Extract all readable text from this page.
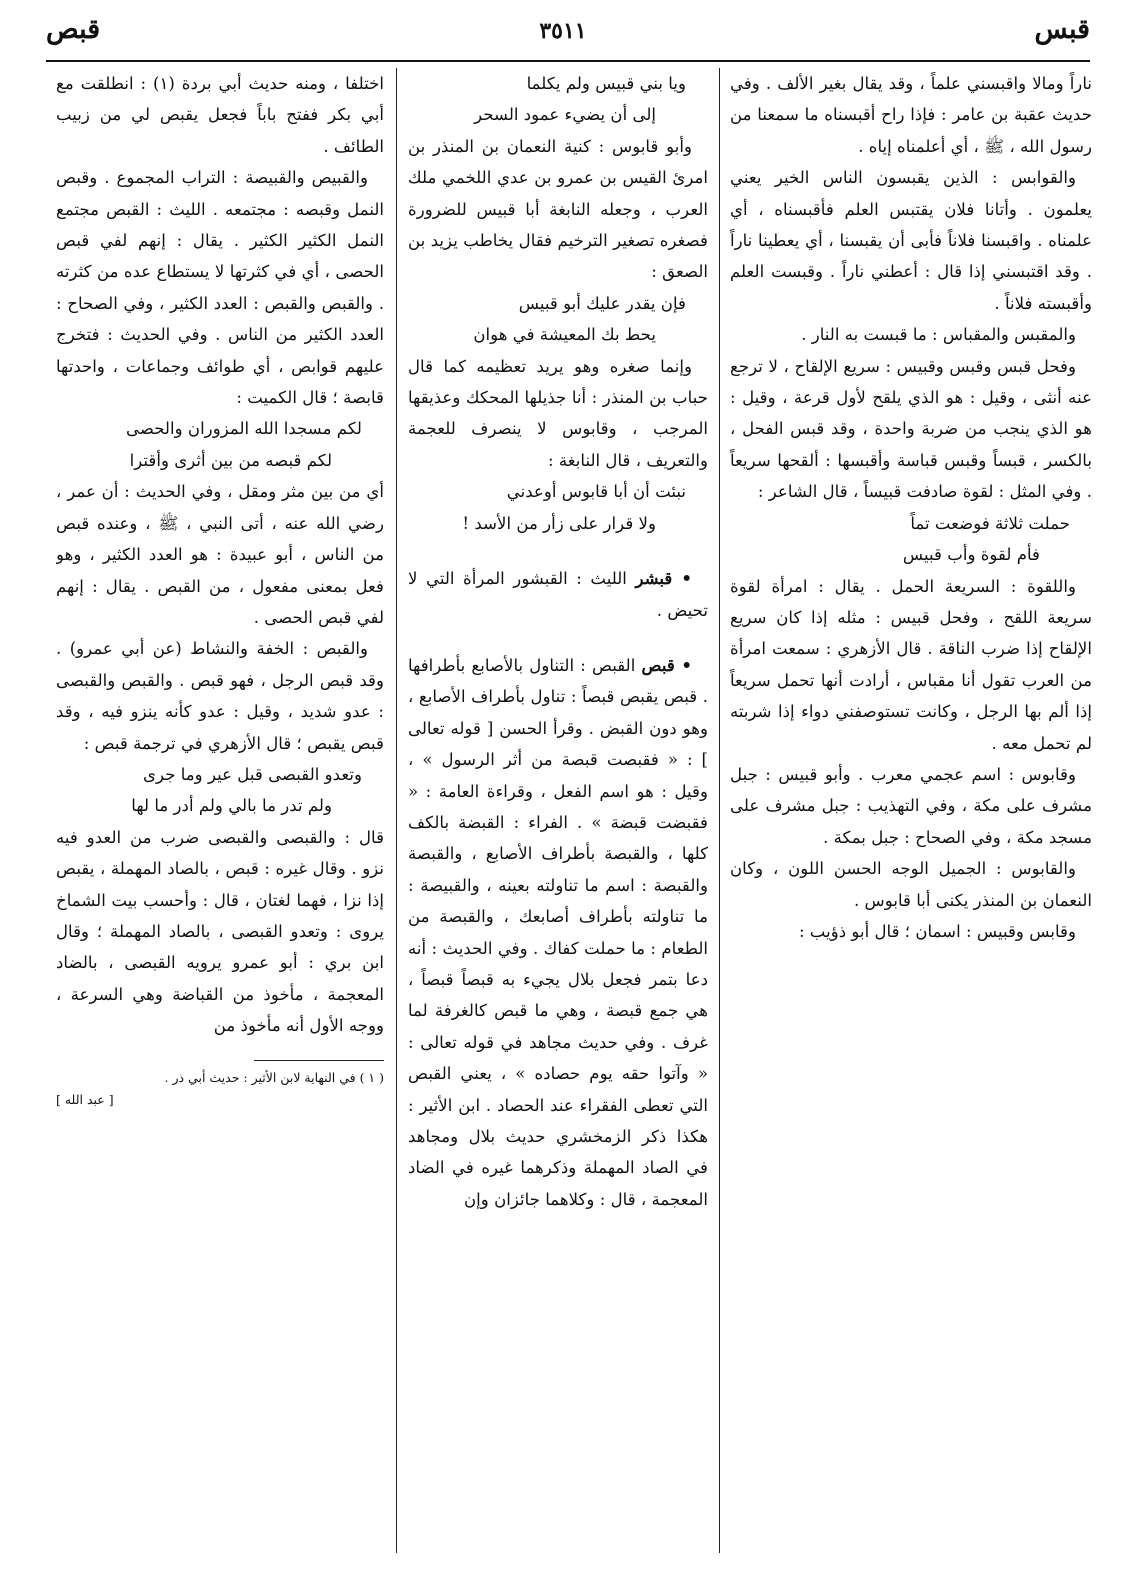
قبص	٣٥١١	قبس

ناراً ومالا واقبسني علماً ، وقد يقال بغير الألف . وفي حديث عقبة بن عامر : فإذا راح أقبسناه ما سمعنا من رسول الله ، ﷺ ، أي أعلمناه إياه .

والقوابس : الذين يقبسون الناس الخير يعني يعلمون . وأتانا فلان يقتبس العلم فأقبسناه ، أي علمناه . واقبسنا فلاناً فأبى أن يقبسنا ، أي يعطينا ناراً . وقد اقتبسني إذا قال : أعطني ناراً . وقبست العلم وأقبسته فلاناً .

والمقبس والمقباس : ما قبست به النار .

وفحل قبس وقبس وقبيس : سريع الإلقاح ، لا ترجع عنه أنثى ، وقيل : هو الذي يلقح لأول قرعة ، وقيل : هو الذي ينجب من ضربة واحدة ، وقد قبس الفحل ، بالكسر ، قبساً وقبس قباسة وأقبسها : ألقحها سريعاً . وفي المثل : لقوة صادفت قبيساً ، قال الشاعر :

حملت ثلاثة فوضعت تماً

فأم لقوة وأب قبيس

واللقوة : السريعة الحمل . يقال : امرأة لقوة سريعة اللقح ، وفحل قبيس : مثله إذا كان سريع الإلقاح إذا ضرب الناقة . قال الأزهري : سمعت امرأة من العرب تقول أنا مقباس ، أرادت أنها تحمل سريعاً إذا ألم بها الرجل ، وكانت تستوصفني دواء إذا شربته لم تحمل معه .

وقابوس : اسم عجمي معرب . وأبو قبيس : جبل مشرف على مكة ، وفي التهذيب : جبل مشرف على مسجد مكة ، وفي الصحاح : جبل بمكة .

والقابوس : الجميل الوجه الحسن اللون ، وكان النعمان بن المنذر يكنى أبا قابوس .

وقابس وقبيس : اسمان ؛ قال أبو ذؤيب :

ويا بني قبيس ولم يكلما

إلى أن يضيء عمود السحر

وأبو قابوس : كنية النعمان بن المنذر بن امرئ القيس بن عمرو بن عدي اللخمي ملك العرب ، وجعله النابغة أبا قبيس للضرورة فصغره تصغير الترخيم فقال يخاطب يزيد بن الصعق :

فإن يقدر عليك أبو قبيس

يحط بك المعيشة في هوان

وإنما صغره وهو يريد تعظيمه كما قال حباب بن المنذر : أنا جذيلها المحكك وعذيقها المرجب ، وقابوس لا ينصرف للعجمة والتعريف ، قال النابغة :

نبئت أن أبا قابوس أوعدني

ولا قرار على زأر من الأسد !

• قبشر الليث : القبشور المرأة التي لا تحيض .

• قبص القبص : التناول بالأصابع بأطرافها . قبص يقبص قبصاً : تناول بأطراف الأصابع ، وهو دون القبض . وقرأ الحسن [ قوله تعالى ] : « فقبصت قبصة من أثر الرسول » ، وقيل : هو اسم الفعل ، وقراءة العامة : « فقبضت قبضة » . الفراء : القبضة بالكف كلها ، والقبصة بأطراف الأصابع ، والقبصة والقبصة : اسم ما تناولته بعينه ، والقبيصة : ما تناولته بأطراف أصابعك ، والقبصة من الطعام : ما حملت كفاك . وفي الحديث : أنه دعا بتمر فجعل بلال يجيء به قبصاً قبصاً ، هي جمع قبصة ، وهي ما قبص كالغرفة لما غرف . وفي حديث مجاهد في قوله تعالى : « وآتوا حقه يوم حصاده » ، يعني القبص التي تعطى الفقراء عند الحصاد . ابن الأثير : هكذا ذكر الزمخشري حديث بلال ومجاهد في الصاد المهملة وذكرهما غيره في الضاد المعجمة ، قال : وكلاهما جائزان وإن

اختلفا ، ومنه حديث أبي بردة (١) : انطلقت مع أبي بكر ففتح باباً فجعل يقبص لي من زبيب الطائف .

والقبيص والقبيصة : التراب المجموع . وقبص النمل وقبصه : مجتمعه . الليث : القبص مجتمع النمل الكثير الكثير . يقال : إنهم لفي قبص الحصى ، أي في كثرتها لا يستطاع عده من كثرته . والقبص والقبص : العدد الكثير ، وفي الصحاح : العدد الكثير من الناس . وفي الحديث : فتخرج عليهم قوابص ، أي طوائف وجماعات ، واحدتها قابصة ؛ قال الكميت :

لكم مسجدا الله المزوران والحصى

لكم قبصه من بين أثرى وأقترا

أي من بين مثر ومقل ، وفي الحديث : أن عمر ، رضي الله عنه ، أتى النبي ، ﷺ ، وعنده قبص من الناس ، أبو عبيدة : هو العدد الكثير ، وهو فعل بمعنى مفعول ، من القبص . يقال : إنهم لفي قبص الحصى .

والقبص : الخفة والنشاط (عن أبي عمرو) . وقد قبص الرجل ، فهو قبص . والقبص والقبصى : عدو شديد ، وقيل : عدو كأنه ينزو فيه ، وقد قبص يقبص ؛ قال الأزهري في ترجمة قبص :

وتعدو القبصى قبل عير وما جرى

ولم تدر ما بالي ولم أدر ما لها

قال : والقبصى والقبصى ضرب من العدو فيه نزو . وقال غيره : قبص ، بالصاد المهملة ، يقبص إذا نزا ، فهما لغتان ، قال : وأحسب بيت الشماخ يروى : وتعدو القبصى ، بالصاد المهملة ؛ وقال ابن بري : أبو عمرو يرويه القبصى ، بالضاد المعجمة ، مأخوذ من القباضة وهي السرعة ، ووجه الأول أنه مأخوذ من

( ١ ) في النهاية لابن الأثير : حديث أبي ذر .

[ عبد الله ]
